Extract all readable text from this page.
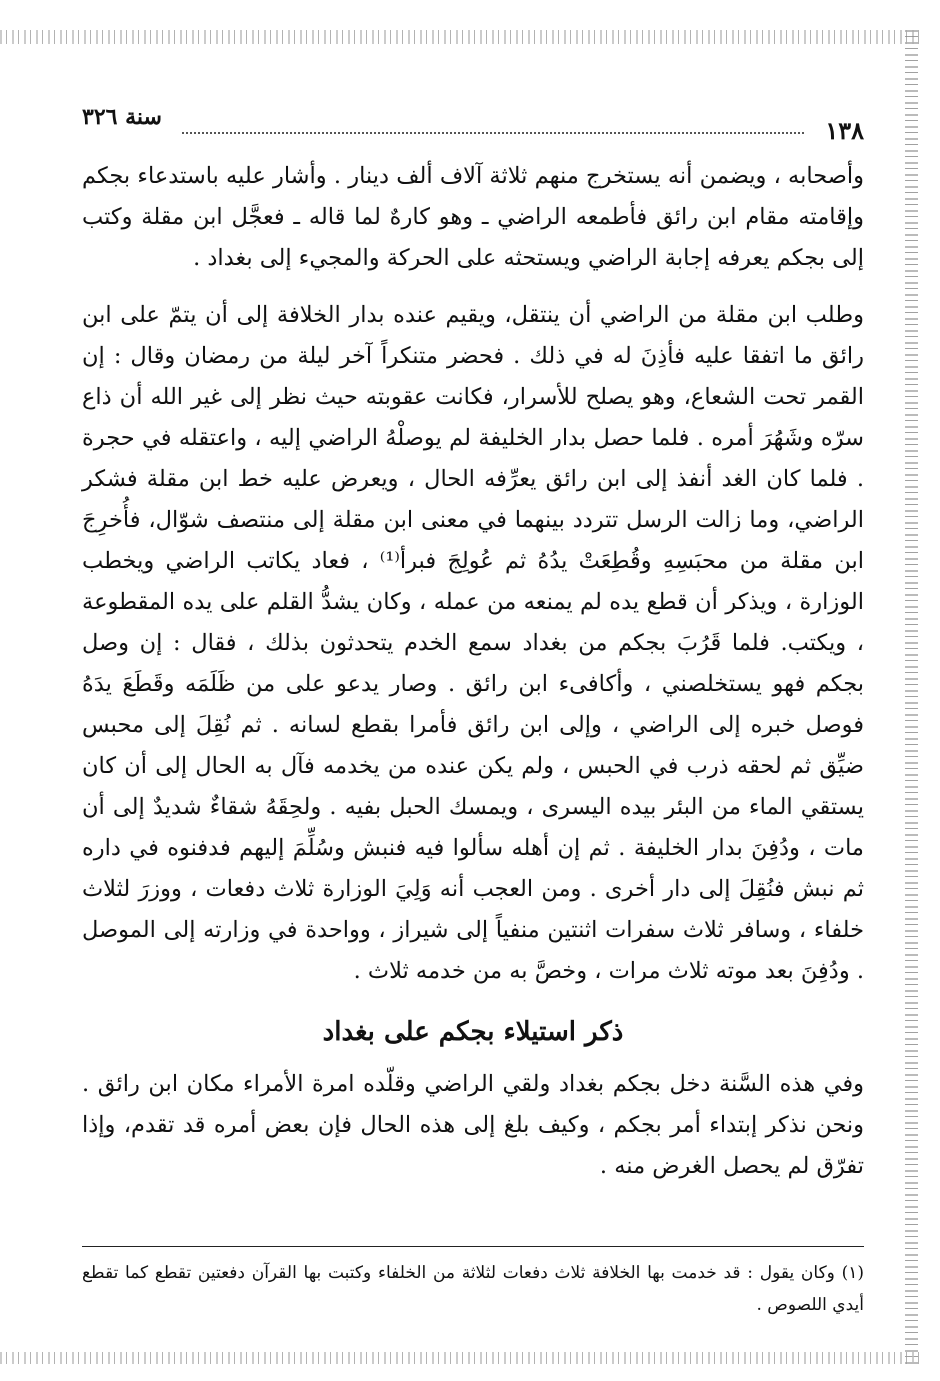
١٣٨
سنة ٣٢٦

وأصحابه ، ويضمن أنه يستخرج منهم ثلاثة آلاف ألف دينار . وأشار عليه باستدعاء بجكم وإقامته مقام ابن رائق فأطمعه الراضي ـ وهو كارهٌ لما قاله ـ فعجَّل ابن مقلة وكتب إلى بجكم يعرفه إجابة الراضي ويستحثه على الحركة والمجيء إلى بغداد .

وطلب ابن مقلة من الراضي أن ينتقل، ويقيم عنده بدار الخلافة إلى أن يتمّ على ابن رائق ما اتفقا عليه فأذِنَ له في ذلك . فحضر متنكراً آخر ليلة من رمضان وقال : إن القمر تحت الشعاع، وهو يصلح للأسرار، فكانت عقوبته حيث نظر إلى غير الله أن ذاع سرّه وشَهُرَ أمره . فلما حصل بدار الخليفة لم يوصلْهُ الراضي إليه ، واعتقله في حجرة . فلما كان الغد أنفذ إلى ابن رائق يعرِّفه الحال ، ويعرض عليه خط ابن مقلة فشكر الراضي، وما زالت الرسل تتردد بينهما في معنى ابن مقلة إلى منتصف شوّال، فأُخرِجَ ابن مقلة من محبَسِهِ وقُطِعَتْ يدُهُ ثم عُولِجَ فبرأ⁽¹⁾ ، فعاد يكاتب الراضي ويخطب الوزارة ، ويذكر أن قطع يده لم يمنعه من عمله ، وكان يشدُّ القلم على يده المقطوعة ، ويكتب. فلما قَرُبَ بجكم من بغداد سمع الخدم يتحدثون بذلك ، فقال : إن وصل بجكم فهو يستخلصني ، وأكافىء ابن رائق . وصار يدعو على من ظَلَمَه وقَطَعَ يدَهُ فوصل خبره إلى الراضي ، وإلى ابن رائق فأمرا بقطع لسانه . ثم نُقِلَ إلى محبس ضيِّق ثم لحقه ذرب في الحبس ، ولم يكن عنده من يخدمه فآل به الحال إلى أن كان يستقي الماء من البئر بيده اليسرى ، ويمسك الحبل بفيه . ولحِقَهُ شقاءٌ شديدٌ إلى أن مات ، ودُفِنَ بدار الخليفة . ثم إن أهله سألوا فيه فنبش وسُلِّمَ إليهم فدفنوه في داره ثم نبش فنُقِلَ إلى دار أخرى . ومن العجب أنه وَلِيَ الوزارة ثلاث دفعات ، ووزرَ لثلاث خلفاء ، وسافر ثلاث سفرات اثنتين منفياً إلى شيراز ، وواحدة في وزارته إلى الموصل . ودُفِنَ بعد موته ثلاث مرات ، وخصَّ به من خدمه ثلاث .

ذكر استيلاء بجكم على بغداد

وفي هذه السَّنة دخل بجكم بغداد ولقي الراضي وقلّده امرة الأمراء مكان ابن رائق . ونحن نذكر إبتداء أمر بجكم ، وكيف بلغ إلى هذه الحال فإن بعض أمره قد تقدم، وإذا تفرّق لم يحصل الغرض منه .

(١) وكان يقول : قد خدمت بها الخلافة ثلاث دفعات لثلاثة من الخلفاء وكتبت بها القرآن دفعتين تقطع كما تقطع أيدي اللصوص .
